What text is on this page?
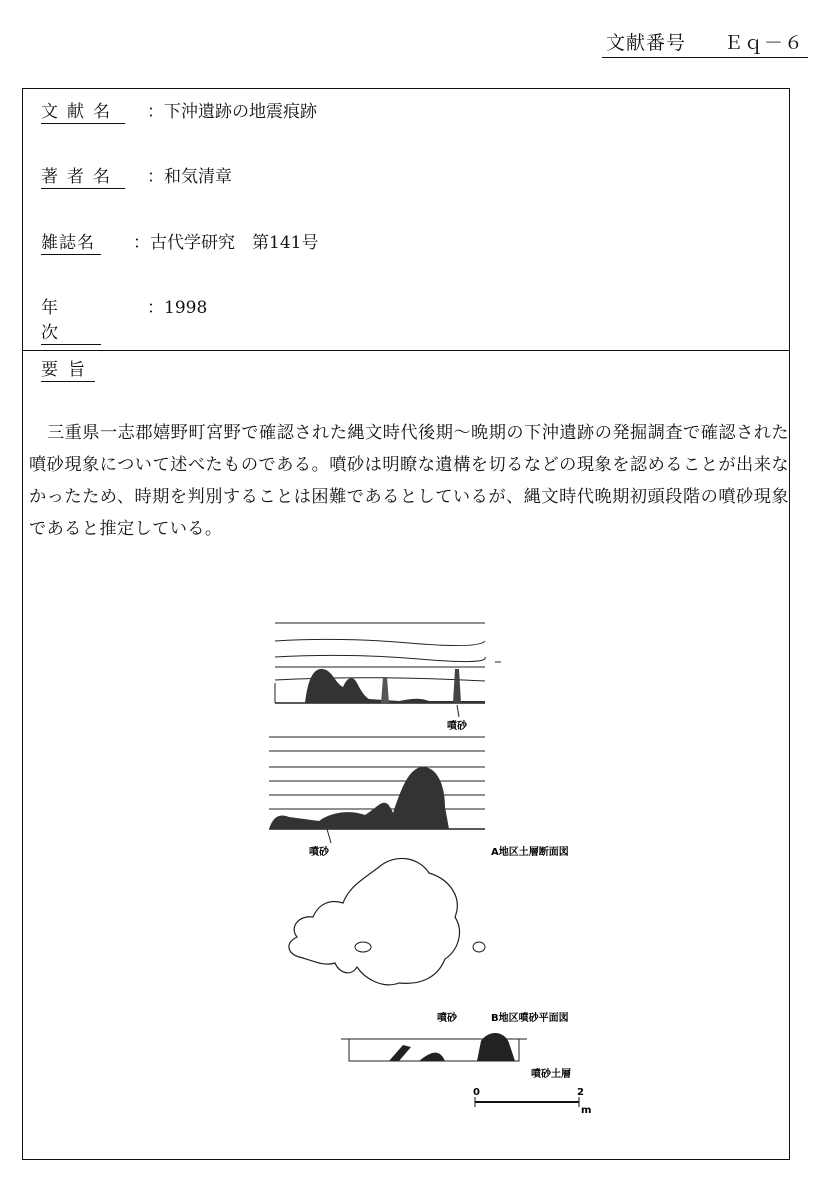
文献番号 Ｅｑ－６
文献名	：下沖遺跡の地震痕跡
著者名	：和気清章
雑誌名	：古代学研究　第141号
年次
：1998
要旨
三重県一志郡嬉野町宮野で確認された縄文時代後期～晩期の下沖遺跡の発掘調査で確認された噴砂現象について述べたものである。噴砂は明瞭な遺構を切るなどの現象を認めることが出来なかったため、時期を判別することは困難であるとしているが、縄文時代晩期初頭段階の噴砂現象であると推定している。
噴砂
噴砂	A地区土層断面図
噴砂	B地区噴砂平面図
噴砂土層
0	2
m
